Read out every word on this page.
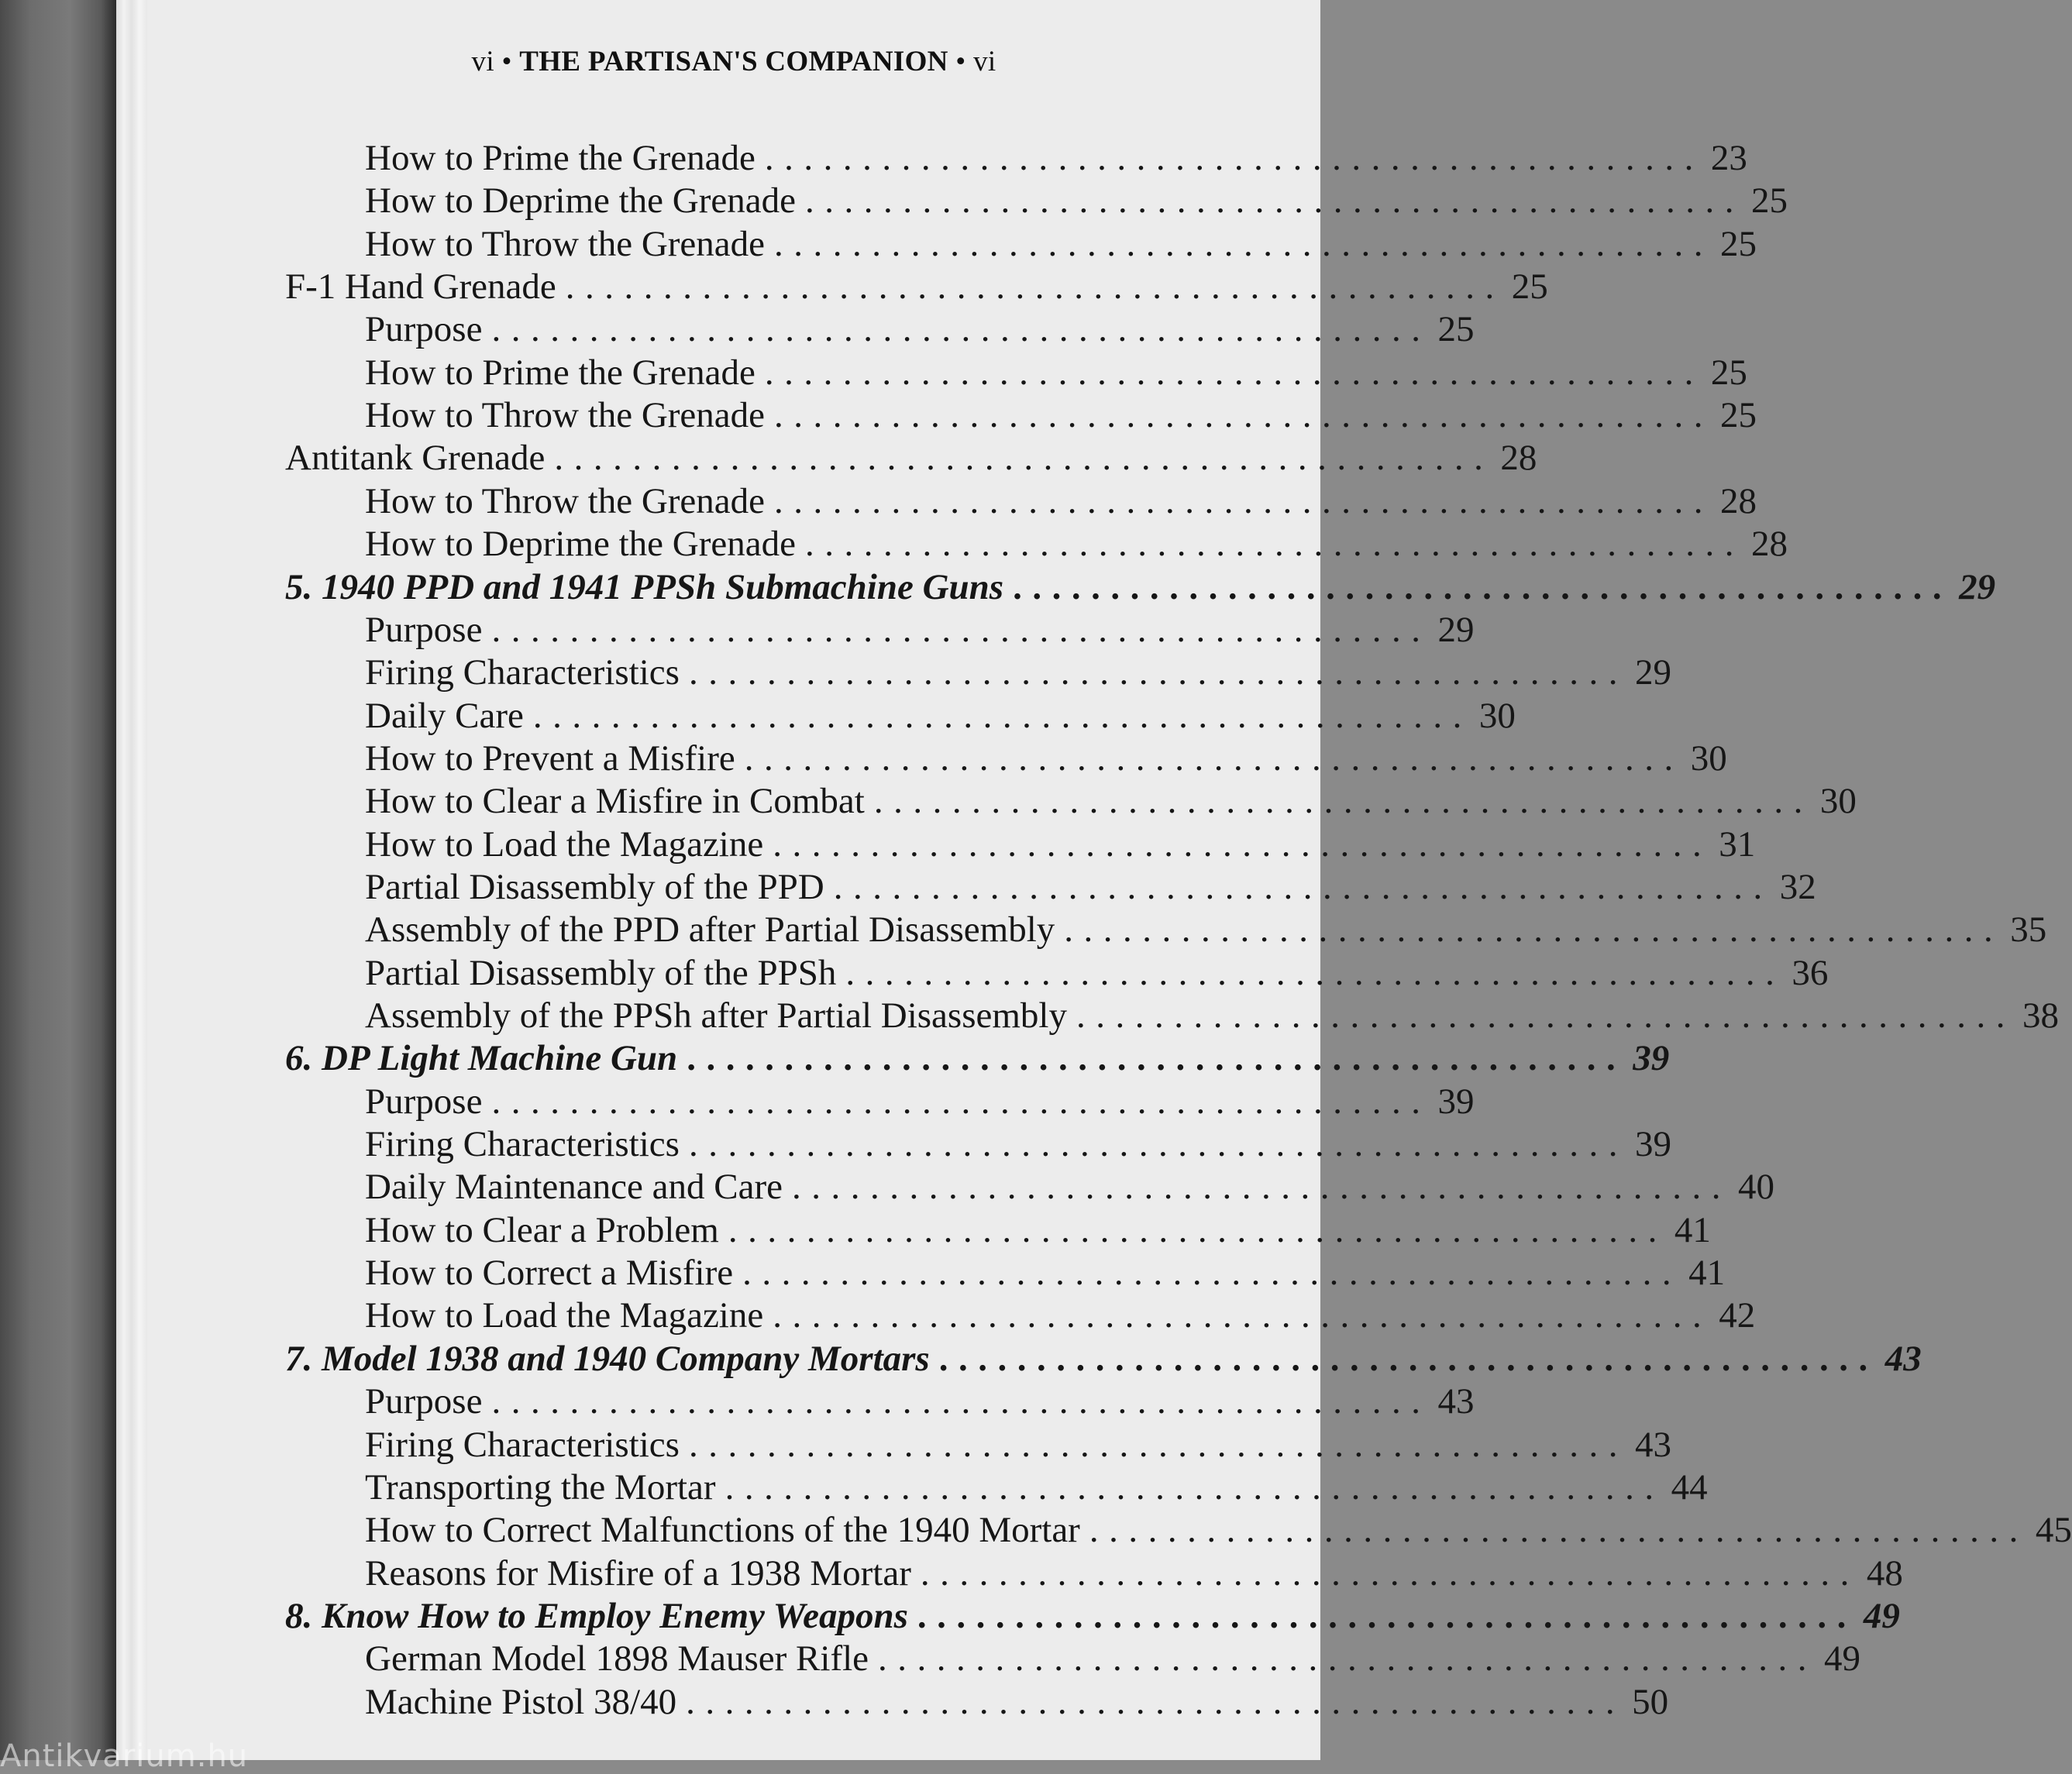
vi • THE PARTISAN'S COMPANION • vi
How to Prime the Grenade ................................................ 23
How to Deprime the Grenade ................................................ 25
How to Throw the Grenade ................................................ 25
F-1 Hand Grenade ................................................ 25
Purpose ................................................ 25
How to Prime the Grenade ................................................ 25
How to Throw the Grenade ................................................ 25
Antitank Grenade ................................................ 28
How to Throw the Grenade ................................................ 28
How to Deprime the Grenade ................................................ 28
5. 1940 PPD and 1941 PPSh Submachine Guns ................................................ 29
Purpose ................................................ 29
Firing Characteristics ................................................ 29
Daily Care ................................................ 30
How to Prevent a Misfire ................................................ 30
How to Clear a Misfire in Combat ................................................ 30
How to Load the Magazine ................................................ 31
Partial Disassembly of the PPD ................................................ 32
Assembly of the PPD after Partial Disassembly ................................................ 35
Partial Disassembly of the PPSh ................................................ 36
Assembly of the PPSh after Partial Disassembly ................................................ 38
6. DP Light Machine Gun ................................................ 39
Purpose ................................................ 39
Firing Characteristics ................................................ 39
Daily Maintenance and Care ................................................ 40
How to Clear a Problem ................................................ 41
How to Correct a Misfire ................................................ 41
How to Load the Magazine ................................................ 42
7. Model 1938 and 1940 Company Mortars ................................................ 43
Purpose ................................................ 43
Firing Characteristics ................................................ 43
Transporting the Mortar ................................................ 44
How to Correct Malfunctions of the 1940 Mortar ................................................ 45
Reasons for Misfire of a 1938 Mortar ................................................ 48
8. Know How to Employ Enemy Weapons ................................................ 49
German Model 1898 Mauser Rifle ................................................ 49
Machine Pistol 38/40 ................................................ 50
Antikvarium.hu
